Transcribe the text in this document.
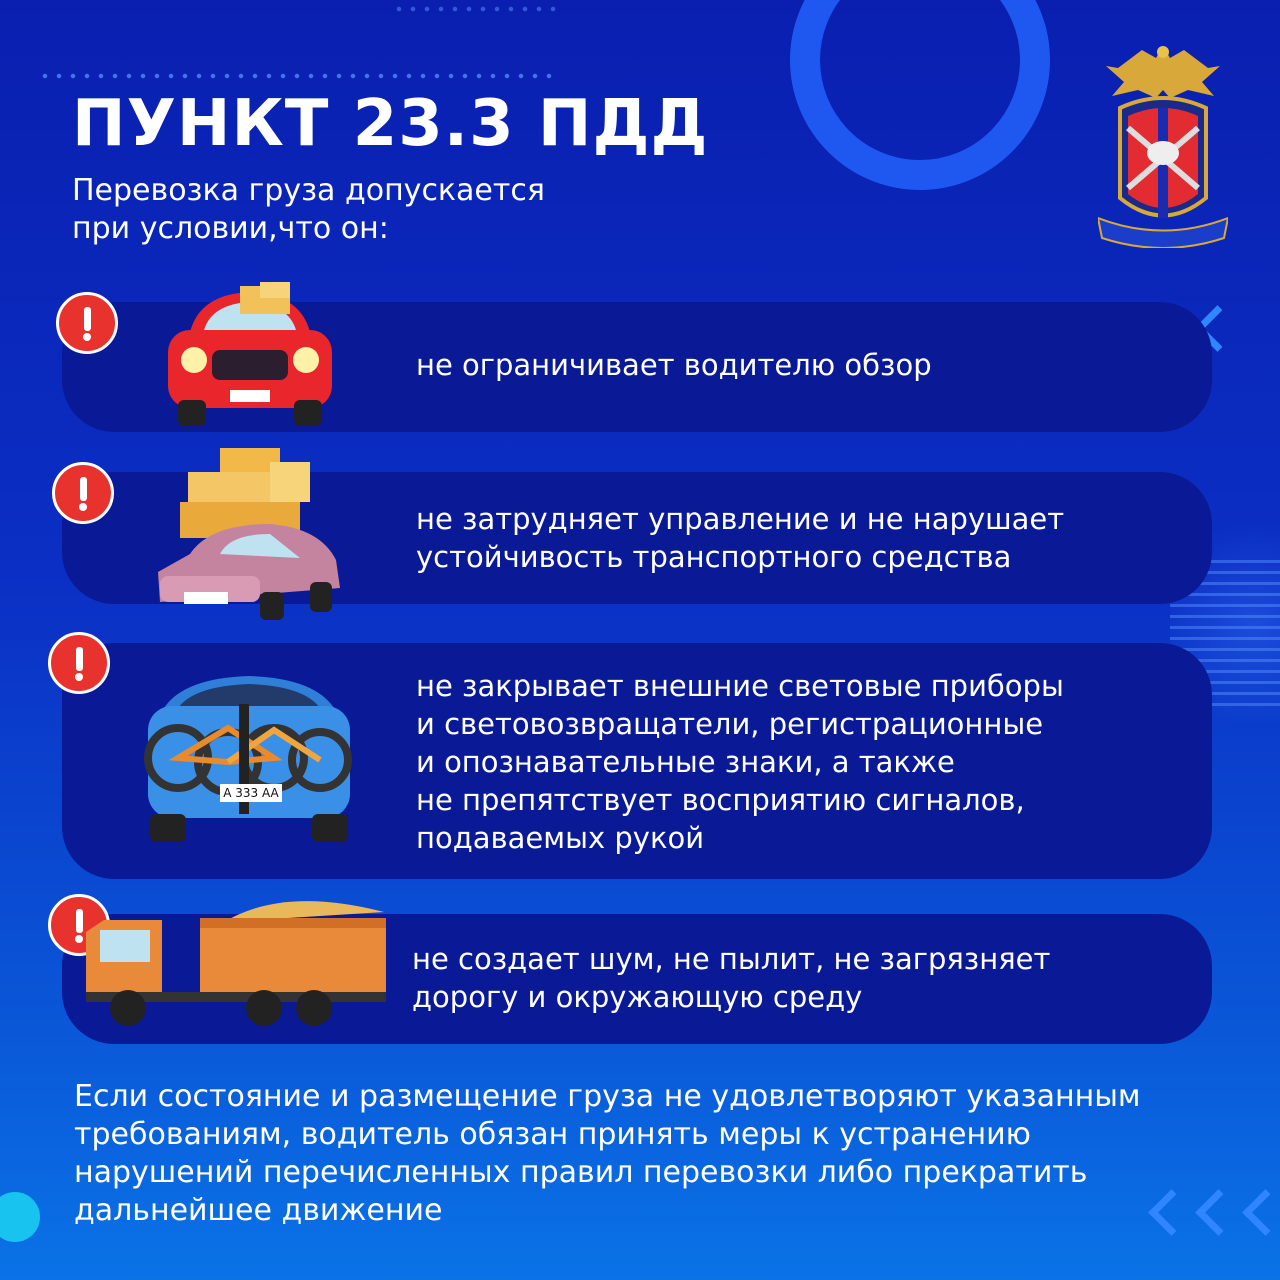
ПУНКТ 23.3 ПДД
Перевозка груза допускается
при условии,что он:
не ограничивает водителю обзор
не затрудняет управление и не нарушает
устойчивость транспортного средства
не закрывает внешние световые приборы
и световозвращатели, регистрационные
и опознавательные знаки, а также
не препятствует восприятию сигналов,
подаваемых рукой
A 333 AA
не создает шум, не пылит, не загрязняет
дорогу и окружающую среду
Если состояние и размещение груза не удовлетворяют указанным
требованиям, водитель обязан принять меры к устранению
нарушений перечисленных правил перевозки либо прекратить
дальнейшее движение
